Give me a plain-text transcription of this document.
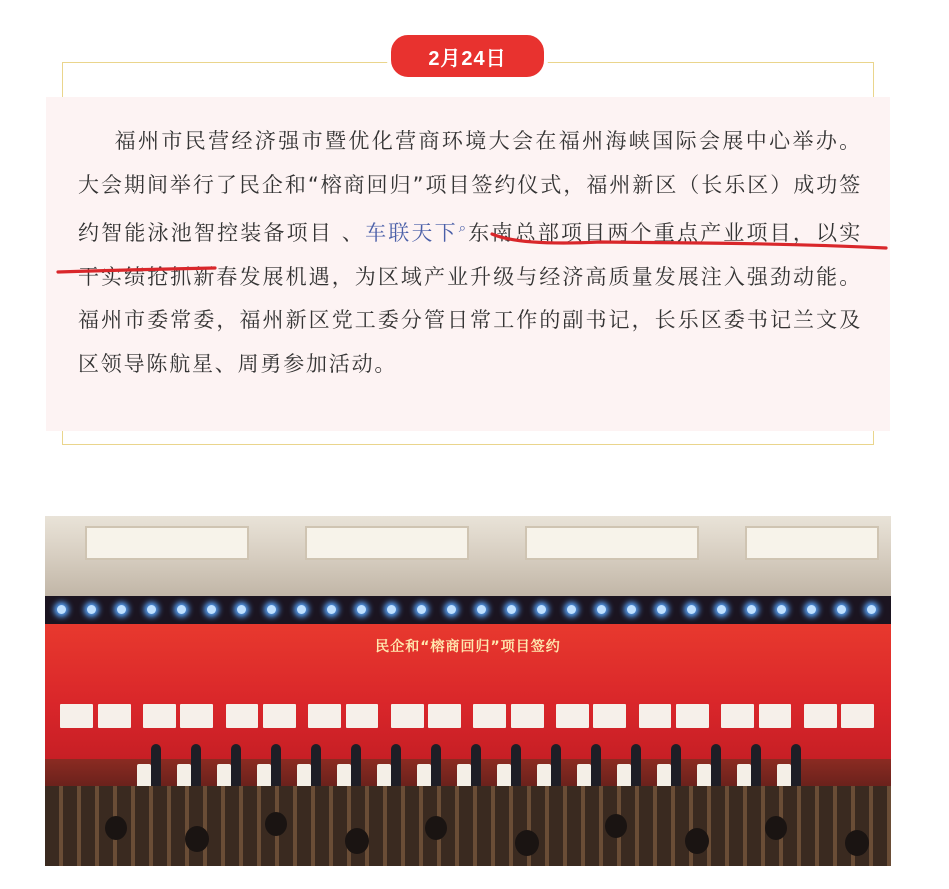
2月24日

福州市民营经济强市暨优化营商环境大会在福州海峡国际会展中心举办。大会期间举行了民企和“榕商回归”项目签约仪式，福州新区（长乐区）成功签约智能泳池智控装备项目 、车联天下⌕东南总部项目两个重点产业项目，以实干实绩抢抓新春发展机遇，为区域产业升级与经济高质量发展注入强劲动能。福州市委常委，福州新区党工委分管日常工作的副书记，长乐区委书记兰文及区领导陈航星、周勇参加活动。

民企和“榕商回归”项目签约
